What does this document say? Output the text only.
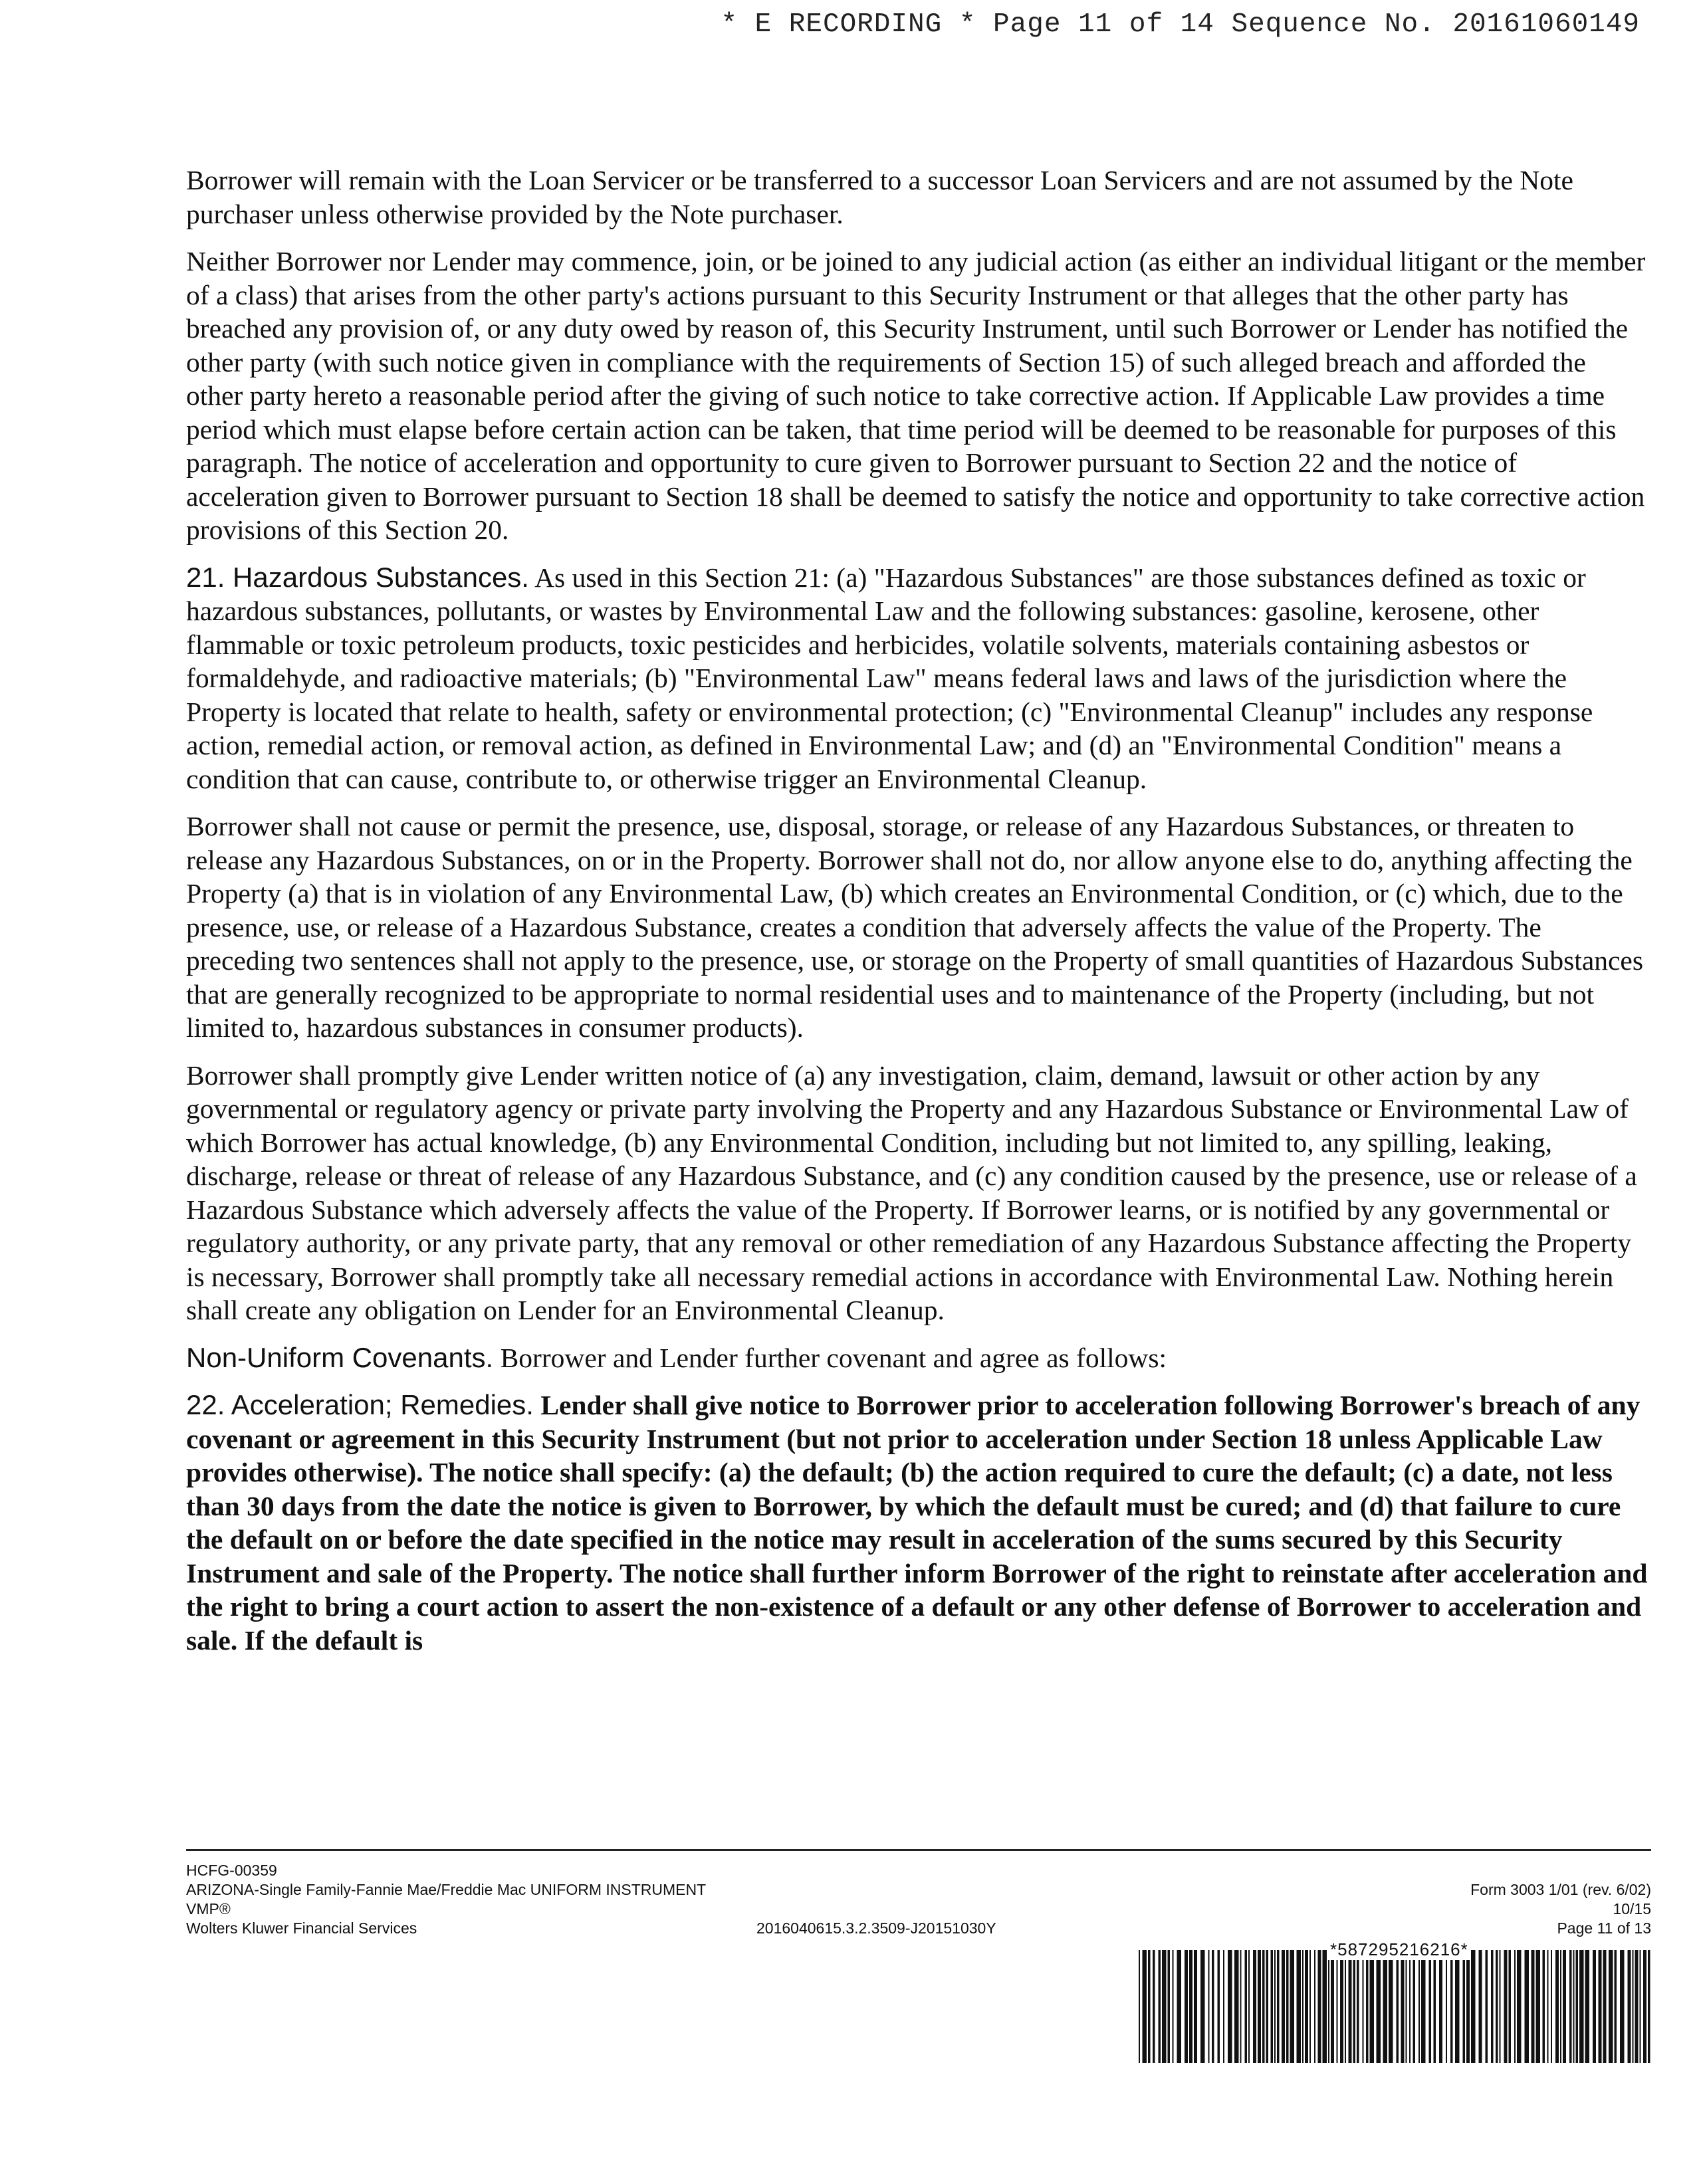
* E RECORDING * Page 11 of 14 Sequence No. 20161060149

Borrower will remain with the Loan Servicer or be transferred to a successor Loan Servicers and are not assumed by the Note purchaser unless otherwise provided by the Note purchaser.

Neither Borrower nor Lender may commence, join, or be joined to any judicial action (as either an individual litigant or the member of a class) that arises from the other party's actions pursuant to this Security Instrument or that alleges that the other party has breached any provision of, or any duty owed by reason of, this Security Instrument, until such Borrower or Lender has notified the other party (with such notice given in compliance with the requirements of Section 15) of such alleged breach and afforded the other party hereto a reasonable period after the giving of such notice to take corrective action. If Applicable Law provides a time period which must elapse before certain action can be taken, that time period will be deemed to be reasonable for purposes of this paragraph. The notice of acceleration and opportunity to cure given to Borrower pursuant to Section 22 and the notice of acceleration given to Borrower pursuant to Section 18 shall be deemed to satisfy the notice and opportunity to take corrective action provisions of this Section 20.

21. Hazardous Substances. As used in this Section 21: (a) "Hazardous Substances" are those substances defined as toxic or hazardous substances, pollutants, or wastes by Environmental Law and the following substances: gasoline, kerosene, other flammable or toxic petroleum products, toxic pesticides and herbicides, volatile solvents, materials containing asbestos or formaldehyde, and radioactive materials; (b) "Environmental Law" means federal laws and laws of the jurisdiction where the Property is located that relate to health, safety or environmental protection; (c) "Environmental Cleanup" includes any response action, remedial action, or removal action, as defined in Environmental Law; and (d) an "Environmental Condition" means a condition that can cause, contribute to, or otherwise trigger an Environmental Cleanup.

Borrower shall not cause or permit the presence, use, disposal, storage, or release of any Hazardous Substances, or threaten to release any Hazardous Substances, on or in the Property. Borrower shall not do, nor allow anyone else to do, anything affecting the Property (a) that is in violation of any Environmental Law, (b) which creates an Environmental Condition, or (c) which, due to the presence, use, or release of a Hazardous Substance, creates a condition that adversely affects the value of the Property. The preceding two sentences shall not apply to the presence, use, or storage on the Property of small quantities of Hazardous Substances that are generally recognized to be appropriate to normal residential uses and to maintenance of the Property (including, but not limited to, hazardous substances in consumer products).

Borrower shall promptly give Lender written notice of (a) any investigation, claim, demand, lawsuit or other action by any governmental or regulatory agency or private party involving the Property and any Hazardous Substance or Environmental Law of which Borrower has actual knowledge, (b) any Environmental Condition, including but not limited to, any spilling, leaking, discharge, release or threat of release of any Hazardous Substance, and (c) any condition caused by the presence, use or release of a Hazardous Substance which adversely affects the value of the Property. If Borrower learns, or is notified by any governmental or regulatory authority, or any private party, that any removal or other remediation of any Hazardous Substance affecting the Property is necessary, Borrower shall promptly take all necessary remedial actions in accordance with Environmental Law. Nothing herein shall create any obligation on Lender for an Environmental Cleanup.

Non-Uniform Covenants. Borrower and Lender further covenant and agree as follows:

22. Acceleration; Remedies. Lender shall give notice to Borrower prior to acceleration following Borrower's breach of any covenant or agreement in this Security Instrument (but not prior to acceleration under Section 18 unless Applicable Law provides otherwise). The notice shall specify: (a) the default; (b) the action required to cure the default; (c) a date, not less than 30 days from the date the notice is given to Borrower, by which the default must be cured; and (d) that failure to cure the default on or before the date specified in the notice may result in acceleration of the sums secured by this Security Instrument and sale of the Property. The notice shall further inform Borrower of the right to reinstate after acceleration and the right to bring a court action to assert the non-existence of a default or any other defense of Borrower to acceleration and sale. If the default is

HCFG-00359
ARIZONA-Single Family-Fannie Mae/Freddie Mac UNIFORM INSTRUMENT
VMP®
Wolters Kluwer Financial Services	2016040615.3.2.3509-J20151030Y
Form 3003 1/01 (rev. 6/02)
10/15
Page 11 of 13
*587295216216*
